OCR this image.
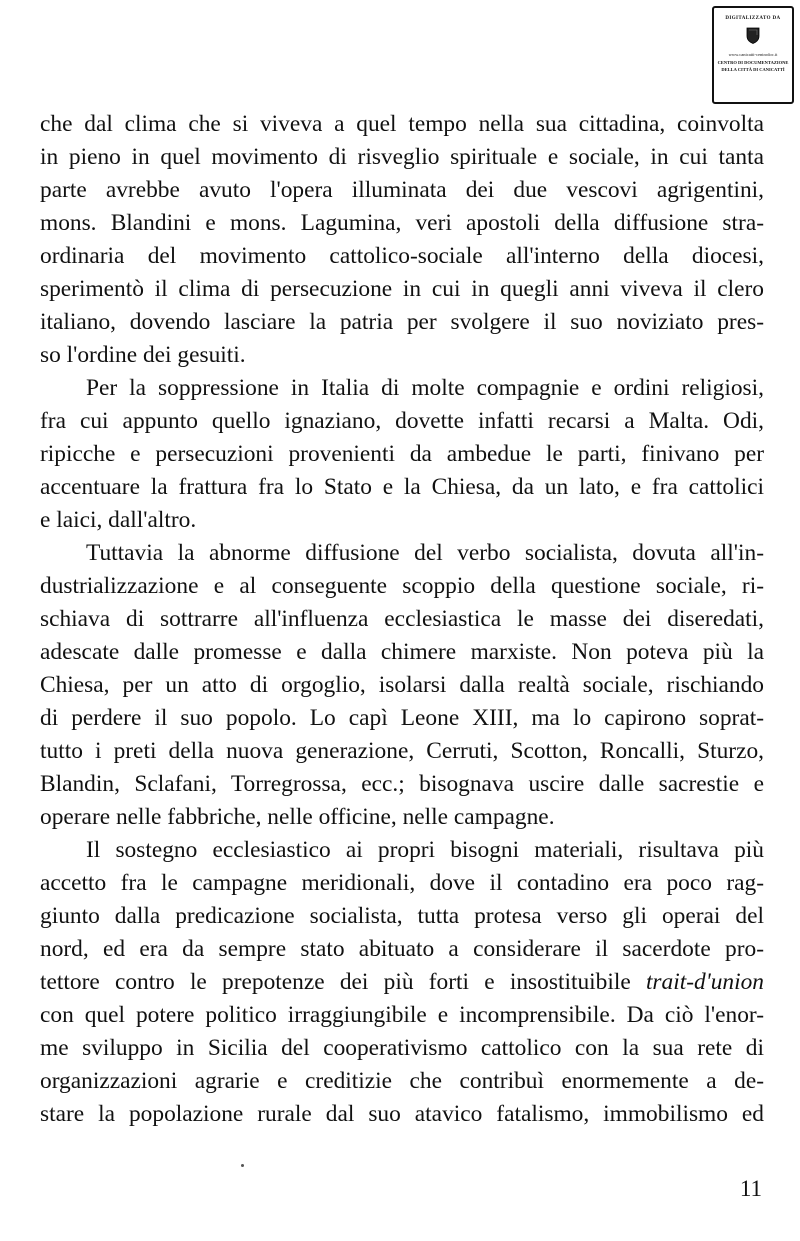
DIGITALIZZATO DA
www.canicatti-centrodoc.it
CENTRO DI DOCUMENTAZIONE
DELLA CITTÀ DI CANICATTÌ

che dal clima che si viveva a quel tempo nella sua cittadina, coinvolta

in pieno in quel movimento di risveglio spirituale e sociale, in cui tanta

parte avrebbe avuto l'opera illuminata dei due vescovi agrigentini,

mons. Blandini e mons. Lagumina, veri apostoli della diffusione stra-

ordinaria del movimento cattolico-sociale all'interno della diocesi,

sperimentò il clima di persecuzione in cui in quegli anni viveva il clero

italiano, dovendo lasciare la patria per svolgere il suo noviziato pres-

so l'ordine dei gesuiti.

Per la soppressione in Italia di molte compagnie e ordini religiosi,

fra cui appunto quello ignaziano, dovette infatti recarsi a Malta. Odi,

ripicche e persecuzioni provenienti da ambedue le parti, finivano per

accentuare la frattura fra lo Stato e la Chiesa, da un lato, e fra cattolici

e laici, dall'altro.

Tuttavia la abnorme diffusione del verbo socialista, dovuta all'in-

dustrializzazione e al conseguente scoppio della questione sociale, ri-

schiava di sottrarre all'influenza ecclesiastica le masse dei diseredati,

adescate dalle promesse e dalla chimere marxiste. Non poteva più la

Chiesa, per un atto di orgoglio, isolarsi dalla realtà sociale, rischiando

di perdere il suo popolo. Lo capì Leone XIII, ma lo capirono soprat-

tutto i preti della nuova generazione, Cerruti, Scotton, Roncalli, Sturzo,

Blandin, Sclafani, Torregrossa, ecc.; bisognava uscire dalle sacrestie e

operare nelle fabbriche, nelle officine, nelle campagne.

Il sostegno ecclesiastico ai propri bisogni materiali, risultava più

accetto fra le campagne meridionali, dove il contadino era poco rag-

giunto dalla predicazione socialista, tutta protesa verso gli operai del

nord, ed era da sempre stato abituato a considerare il sacerdote pro-

tettore contro le prepotenze dei più forti e insostituibile trait-d'union

con quel potere politico irraggiungibile e incomprensibile. Da ciò l'enor-

me sviluppo in Sicilia del cooperativismo cattolico con la sua rete di

organizzazioni agrarie e creditizie che contribuì enormemente a de-

stare la popolazione rurale dal suo atavico fatalismo, immobilismo ed

11
